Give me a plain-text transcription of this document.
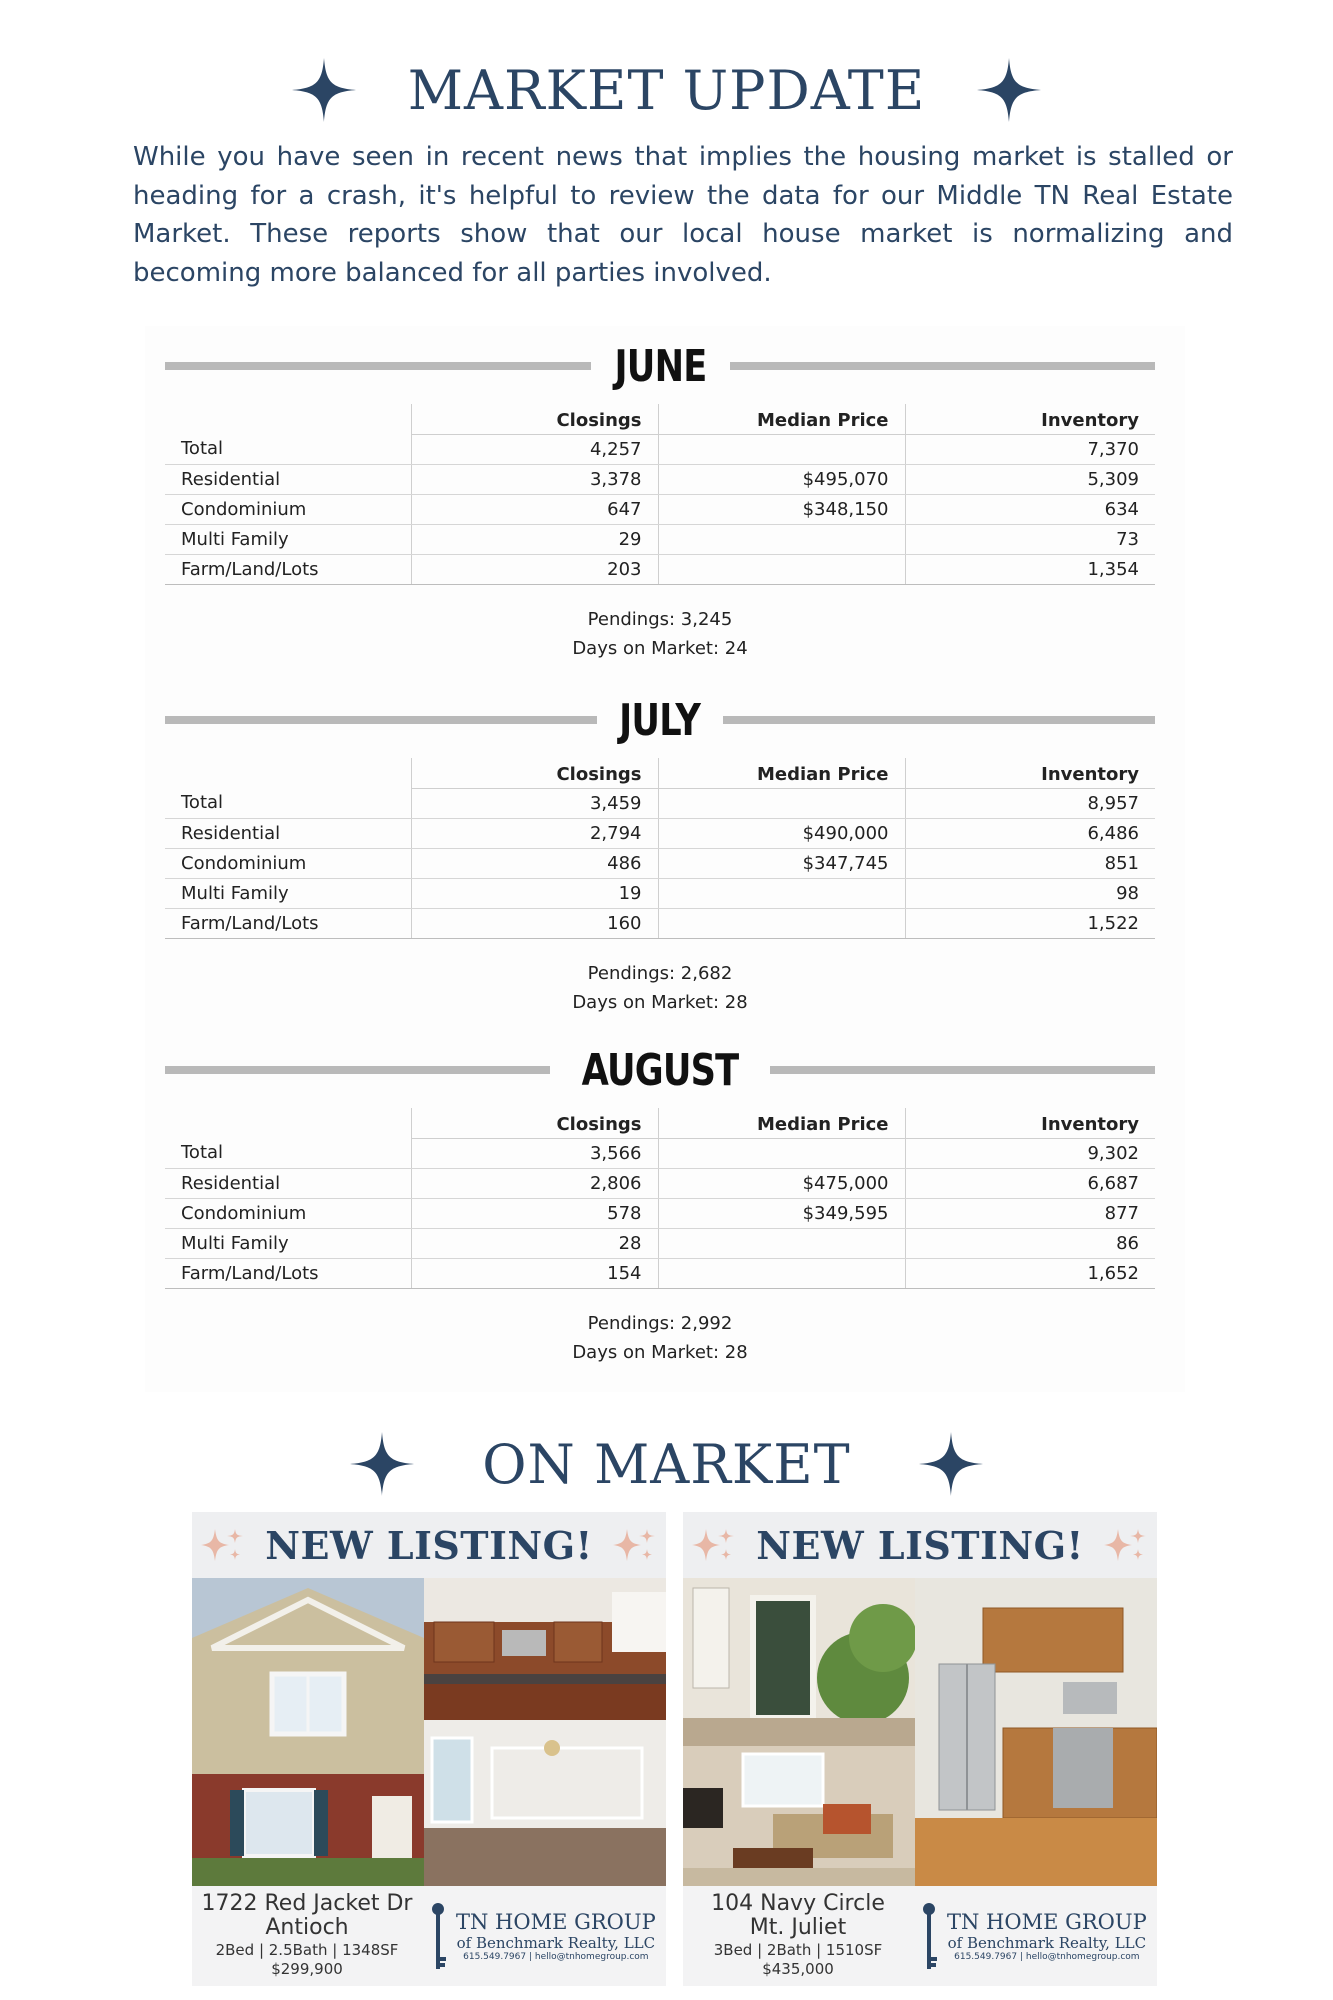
MARKET UPDATE

While you have seen in recent news that implies the housing market is stalled or heading for a crash, it's helpful to review the data for our Middle TN Real Estate Market. These reports show that our local house market is normalizing and becoming more balanced for all parties involved.

JUNE
	Closings	Median Price	Inventory
Total	4,257		7,370
Residential	3,378	$495,070	5,309
Condominium	647	$348,150	634
Multi Family	29		73
Farm/Land/Lots	203		1,354
Pendings: 3,245
Days on Market: 24
JULY
	Closings	Median Price	Inventory
Total	3,459		8,957
Residential	2,794	$490,000	6,486
Condominium	486	$347,745	851
Multi Family	19		98
Farm/Land/Lots	160		1,522
Pendings: 2,682
Days on Market: 28
AUGUST
	Closings	Median Price	Inventory
Total	3,566		9,302
Residential	2,806	$475,000	6,687
Condominium	578	$349,595	877
Multi Family	28		86
Farm/Land/Lots	154		1,652
Pendings: 2,992
Days on Market: 28
ON MARKET
NEW LISTING!
1722 Red Jacket Dr
Antioch
2Bed | 2.5Bath | 1348SF
$299,900
TN HOME GROUP
of Benchmark Realty, LLC
615.549.7967 | hello@tnhomegroup.com
NEW LISTING!
104 Navy Circle
Mt. Juliet
3Bed | 2Bath | 1510SF
$435,000
TN HOME GROUP
of Benchmark Realty, LLC
615.549.7967 | hello@tnhomegroup.com
